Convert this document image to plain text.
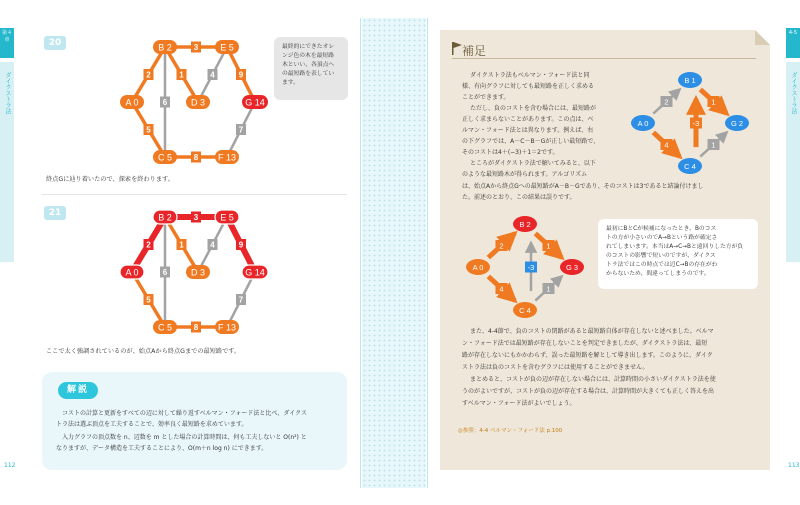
第４章
ダイクストラ法
4-5
ダイクストラ法
20
21
2
3
1	4	9
5
6
8
7
A 0
B 2	E 5
D 3	G 14
C 5	F 13
最終的にできたオレ
ンジ色の木を最短路
木といい、各頂点へ
の最短路を表してい
ます。
終点Gに辿り着いたので、探索を終わります。
2
3
1	4	9
5
6
8
7
A 0
B 2	E 5
D 3	G 14
C 5	F 13
ここで太く強調されているのが、始点Aから終点Gまでの最短路です。
解説
コストの計算と更新をすべての辺に対して繰り返すベルマン・フォード法と比べ、ダイクス
トラ法は選ぶ頂点を工夫することで、効率良く最短路を求めています。
入力グラフの頂点数を n、辺数を m とした場合の計算時間は、何も工夫しないと O(n²) と
なりますが、データ構造を工夫することにより、O(m＋n log n) にできます。
112
補足
ダイクストラ法もベルマン・フォード法と同
様、有向グラフに対しても最短路を正しく求める
ことができます。
ただし、負のコストを含む場合には、最短路が
正しく求まらないことがあります。この点は、ベ
ルマン・フォード法とは異なります。例えば、右
の下グラフでは、A－C－B－Gが正しい最短路で、
そのコストは4＋(−3)＋1＝2です。
ところがダイクストラ法で解いてみると、以下
のような最短路木が得られます。アルゴリズム
は、始点Aから終点Gへの最短路がA－B－Gであり、そのコストは3であると結論付けまし
た。前述のとおり、この結果は誤りです。
2	1
4
-3
1
A 0
B 1
G 2
C 4
2	1
4
-3
1
A 0
B 2
G 3
C 4
最初にBとCが候補になったとき、Bのコス
トの方が小さいのでA→Bという路が確定さ
れてしまいます。本当はA→C→Bと遠回りした方が負
のコストの影響で短いのですが、ダイクス
トラ法ではこの時点では辺C→Bの存在がわ
からないため、間違ってしまうのです。
また、4-4節で、負のコストの閉路があると最短路自体が存在しないと述べました。ベルマ
ン・フォード法では最短路が存在しないことを判定できましたが、ダイクストラ法は、最短
路が存在しないにもかかわらず、誤った最短路を解として導き出します。このように、ダイク
ストラ法は負のコストを含むグラフには使用することができません。
まとめると、コストが負の辺が存在しない場合には、計算時間の小さいダイクストラ法を使
うのがよいですが、コストが負の辺が存在する場合は、計算時間が大きくても正しく答えを出
すベルマン・フォード法がよいでしょう。
◎参照：4-4 ベルマン・フォード法 p.100
113
